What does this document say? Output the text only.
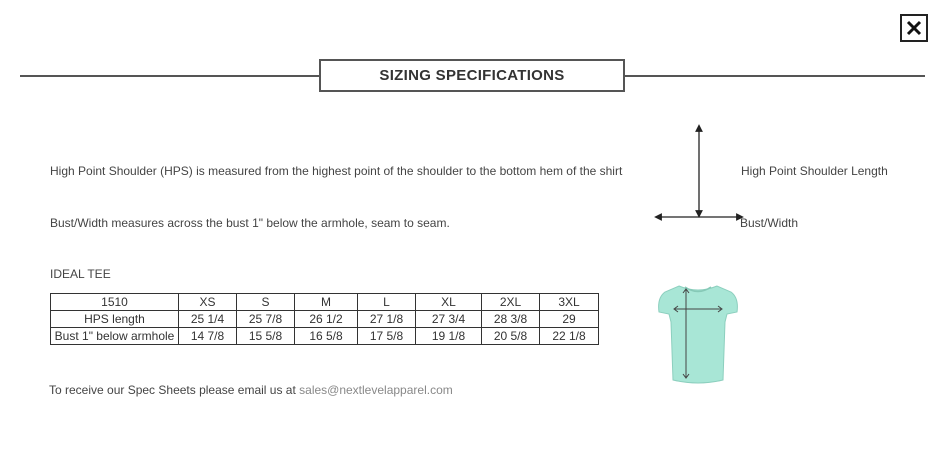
SIZING SPECIFICATIONS
High Point Shoulder (HPS) is measured from the highest point of the shoulder to the bottom hem of the shirt
Bust/Width measures across the bust 1" below the armhole, seam to seam.
High Point Shoulder Length
Bust/Width
IDEAL TEE
1510	XS	S	M	L	XL	2XL	3XL
HPS length	25 1/4	25 7/8	26 1/2	27 1/8	27 3/4	28 3/8	29
Bust 1" below armhole	14 7/8	15 5/8	16 5/8	17 5/8	19 1/8	20 5/8	22 1/8
To receive our Spec Sheets please email us at sales@nextlevelapparel.com
